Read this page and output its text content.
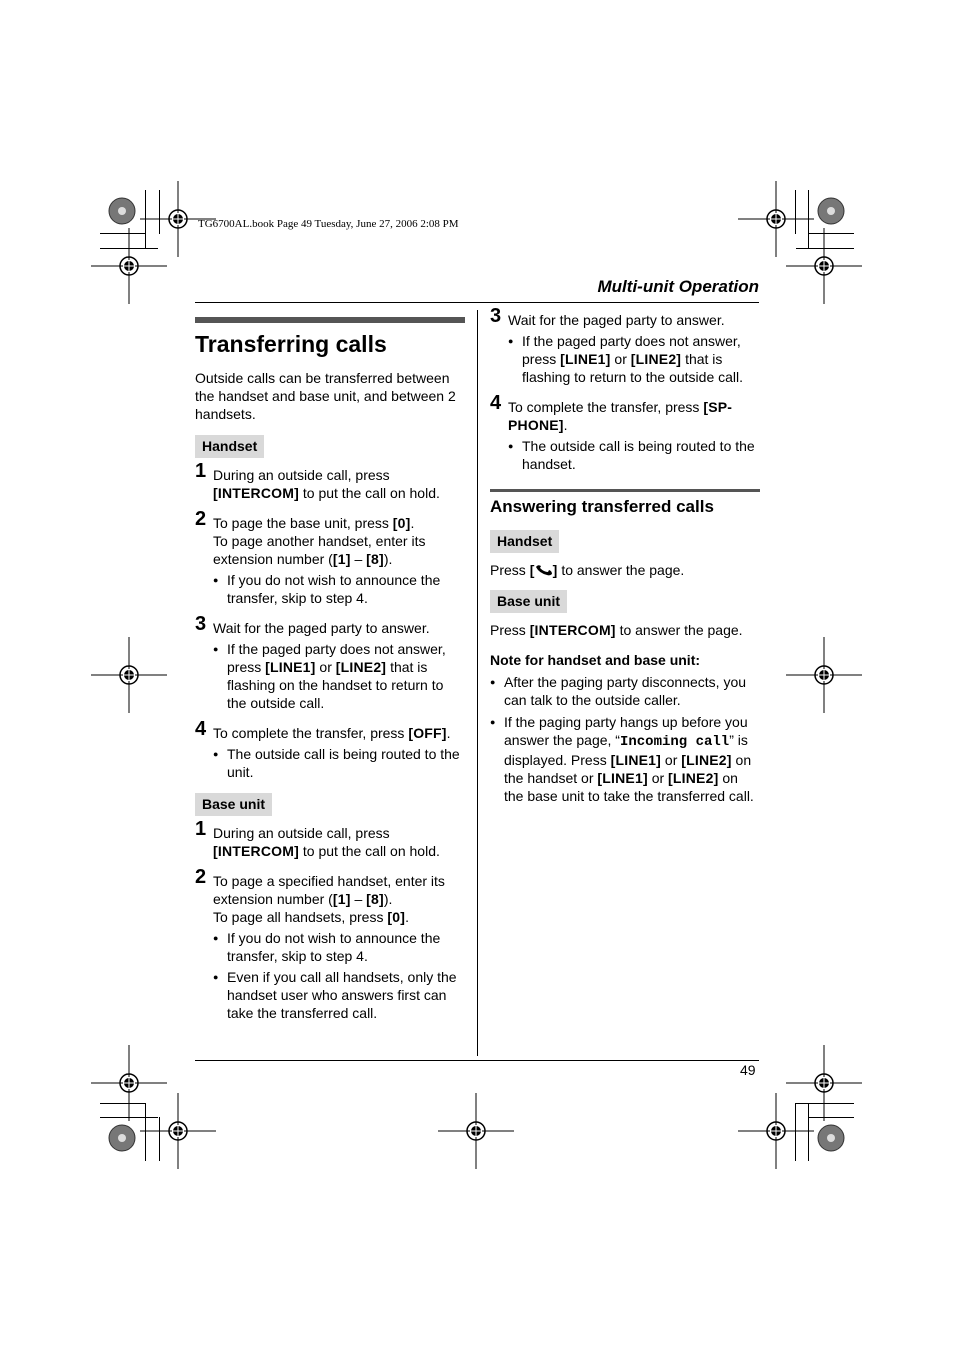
TG6700AL.book Page 49 Tuesday, June 27, 2006 2:08 PM
Multi-unit Operation
49
Transferring calls

Outside calls can be transferred between the handset and base unit, and between 2 handsets.

Handset
1 During an outside call, press
[INTERCOM] to put the call on hold.
2 To page the base unit, press [0].
To page another handset, enter its extension number ([1] – [8]).
● If you do not wish to announce the transfer, skip to step 4.
3 Wait for the paged party to answer.
● If the paged party does not answer, press [LINE1] or [LINE2] that is flashing on the handset to return to the outside call.
4 To complete the transfer, press [OFF].
● The outside call is being routed to the unit.
Base unit
1 During an outside call, press
[INTERCOM] to put the call on hold.
2 To page a specified handset, enter its extension number ([1] – [8]).
To page all handsets, press [0].
● If you do not wish to announce the transfer, skip to step 4.
● Even if you call all handsets, only the handset user who answers first can take the transferred call.
3 Wait for the paged party to answer.
● If the paged party does not answer, press [LINE1] or [LINE2] that is flashing to return to the outside call.
4 To complete the transfer, press [SP-PHONE].
● The outside call is being routed to the handset.
Answering transferred calls
Handset

Press [ ] to answer the page.

Base unit

Press [INTERCOM] to answer the page.

Note for handset and base unit:

● After the paging party disconnects, you can talk to the outside caller.
● If the paging party hangs up before you answer the page, “Incoming call” is displayed. Press [LINE1] or [LINE2] on the handset or [LINE1] or [LINE2] on the base unit to take the transferred call.
